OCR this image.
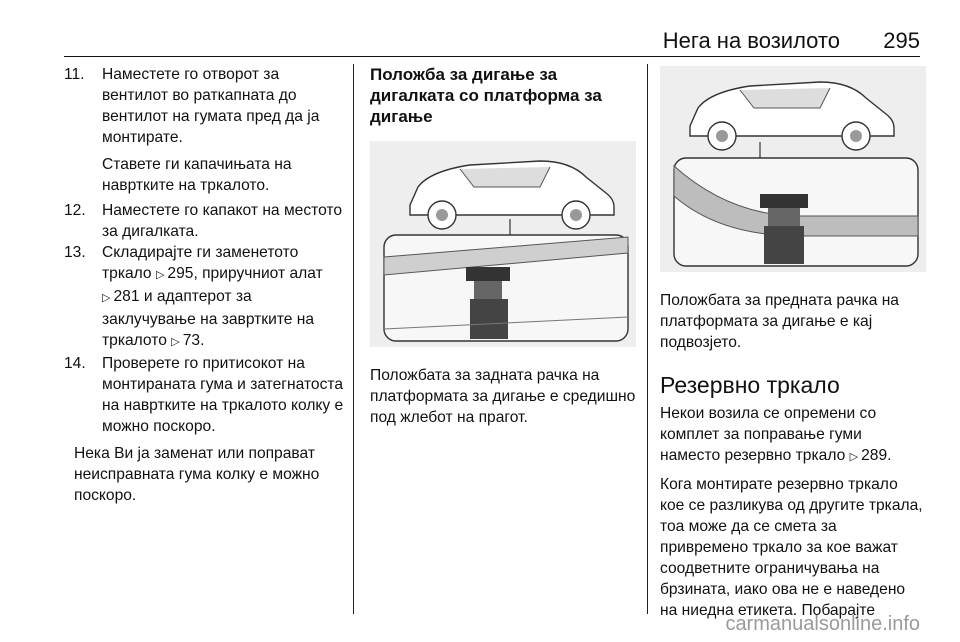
Нега на возилото 295
11. Наместете го отворот за вентилот во раткапната до вентилот на гумата пред да ја монтирате.

Ставете ги капачињата на навртките на тркалото.

12. Наместете го капакот на местото за дигалката.
13. Складирајте ги заменетото тркало ▷ 295, приручниот алат ▷ 281 и адаптерот за заклучување на завртките на тркалото ▷ 73.
14. Проверете го притисокот на монтираната гума и затегнатоста на навртките на тркалото колку е можно поскоро.

Нека Ви ја заменат или поправат неисправната гума колку е можно поскоро.

Положба за дигање за дигалката со платформа за дигање

Положбата за задната рачка на платформата за дигање е средишно под жлебот на прагот.

Положбата за предната рачка на платформата за дигање е кај подвозјето.

Резервно тркало

Некои возила се опремени со комплет за поправање гуми наместо резервно тркало ▷ 289.

Кога монтирате резервно тркало кое се разликува од другите тркала, тоа може да се смета за привремено тркало за кое важат соодветните ограничувања на брзината, иако ова не е наведено на ниедна етикета. Побарајте

carmanualsonline.info
